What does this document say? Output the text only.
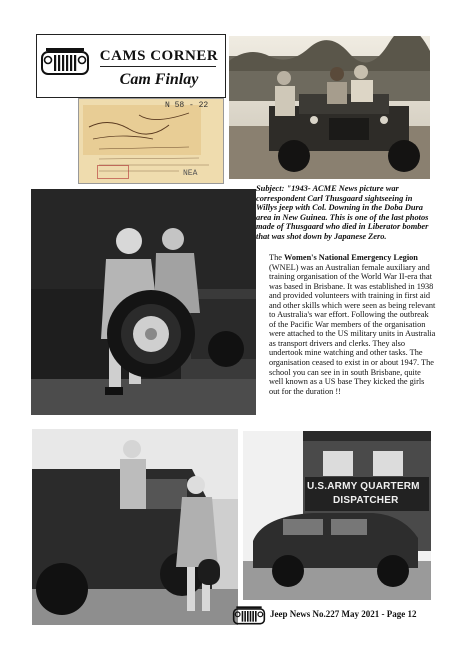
CAMS CORNER
Cam Finlay
N 58 - 22
NEA
Subject: "1943- ACME News picture war correspondent Carl Thusgaard sightseeing in Willys jeep with Col. Downing in the Doba Dura area in New Guinea. This is one of the last photos made of Thusgaard who died in Liberator bomber that was shot down by Japanese Zero.
The Women's National Emergency Legion (WNEL) was an Australian female auxiliary and training organisation of the World War II-era that was based in Brisbane. It was established in 1938 and provided volunteers with training in first aid and other skills which were seen as being relevant to Australia's war effort. Following the outbreak of the Pacific War members of the organisation were attached to the US military units in Australia as transport drivers and clerks. They also undertook mine watching and other tasks. The organisation ceased to exist in or about 1947. The school you can see in in south Brisbane, quite well known as a US base They kicked the girls out for the duration !!
U.S.ARMY QUARTERM
DISPATCHER
Jeep News No.227 May 2021 - Page 12
